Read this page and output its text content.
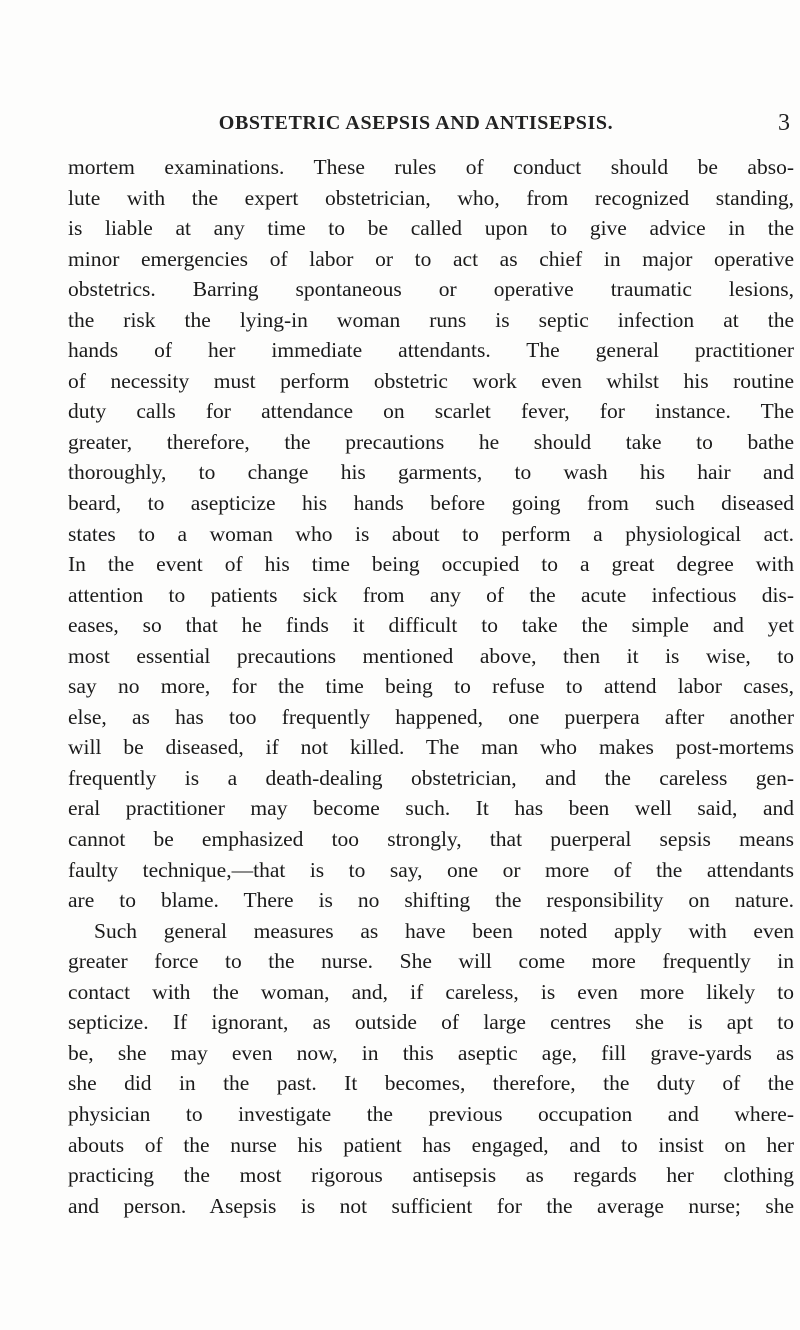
OBSTETRIC ASEPSIS AND ANTISEPSIS.	3
mortem examinations. These rules of conduct should be abso-
lute with the expert obstetrician, who, from recognized standing,
is liable at any time to be called upon to give advice in the
minor emergencies of labor or to act as chief in major operative
obstetrics. Barring spontaneous or operative traumatic lesions,
the risk the lying-in woman runs is septic infection at the
hands of her immediate attendants. The general practitioner
of necessity must perform obstetric work even whilst his routine
duty calls for attendance on scarlet fever, for instance. The
greater, therefore, the precautions he should take to bathe
thoroughly, to change his garments, to wash his hair and
beard, to asepticize his hands before going from such diseased
states to a woman who is about to perform a physiological act.
In the event of his time being occupied to a great degree with
attention to patients sick from any of the acute infectious dis-
eases, so that he finds it difficult to take the simple and yet
most essential precautions mentioned above, then it is wise, to
say no more, for the time being to refuse to attend labor cases,
else, as has too frequently happened, one puerpera after another
will be diseased, if not killed. The man who makes post-mortems
frequently is a death-dealing obstetrician, and the careless gen-
eral practitioner may become such. It has been well said, and
cannot be emphasized too strongly, that puerperal sepsis means
faulty technique,—that is to say, one or more of the attendants
are to blame. There is no shifting the responsibility on nature.
Such general measures as have been noted apply with even
greater force to the nurse. She will come more frequently in
contact with the woman, and, if careless, is even more likely to
septicize. If ignorant, as outside of large centres she is apt to
be, she may even now, in this aseptic age, fill grave-yards as
she did in the past. It becomes, therefore, the duty of the
physician to investigate the previous occupation and where-
abouts of the nurse his patient has engaged, and to insist on her
practicing the most rigorous antisepsis as regards her clothing
and person. Asepsis is not sufficient for the average nurse; she
